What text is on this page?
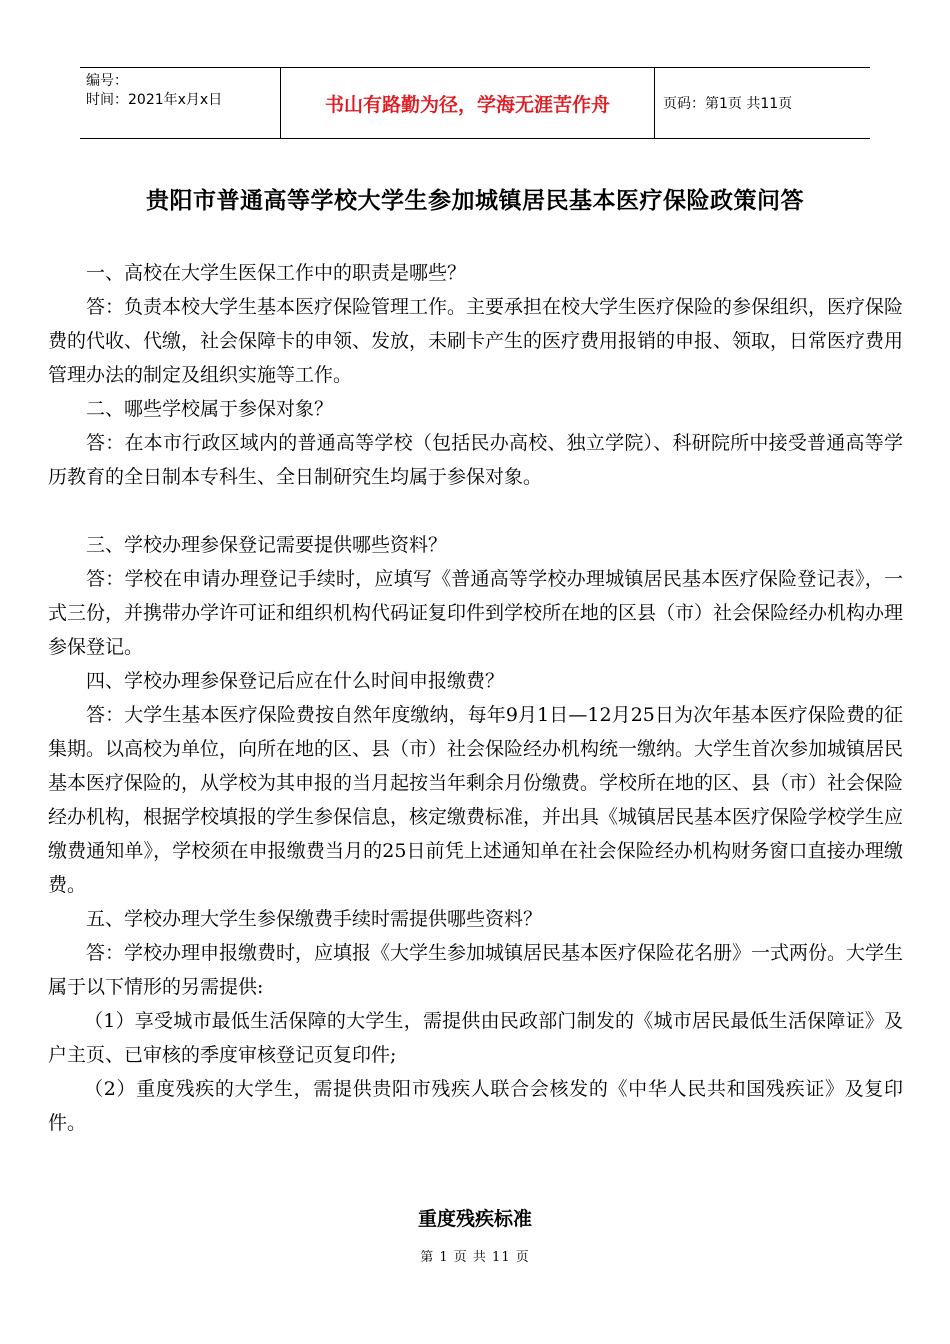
编号：
时间：2021年x月x日	书山有路勤为径，学海无涯苦作舟	页码：第1页 共11页
贵阳市普通高等学校大学生参加城镇居民基本医疗保险政策问答

一、高校在大学生医保工作中的职责是哪些？

答：负责本校大学生基本医疗保险管理工作。主要承担在校大学生医疗保险的参保组织，医疗保险费的代收、代缴，社会保障卡的申领、发放，未刷卡产生的医疗费用报销的申报、领取，日常医疗费用管理办法的制定及组织实施等工作。

二、哪些学校属于参保对象？

答：在本市行政区域内的普通高等学校（包括民办高校、独立学院）、科研院所中接受普通高等学历教育的全日制本专科生、全日制研究生均属于参保对象。

三、学校办理参保登记需要提供哪些资料？

答：学校在申请办理登记手续时，应填写《普通高等学校办理城镇居民基本医疗保险登记表》，一式三份，并携带办学许可证和组织机构代码证复印件到学校所在地的区县（市）社会保险经办机构办理参保登记。

四、学校办理参保登记后应在什么时间申报缴费？

答：大学生基本医疗保险费按自然年度缴纳，每年9月1日—12月25日为次年基本医疗保险费的征集期。以高校为单位，向所在地的区、县（市）社会保险经办机构统一缴纳。大学生首次参加城镇居民基本医疗保险的，从学校为其申报的当月起按当年剩余月份缴费。学校所在地的区、县（市）社会保险经办机构，根据学校填报的学生参保信息，核定缴费标准，并出具《城镇居民基本医疗保险学校学生应缴费通知单》，学校须在申报缴费当月的25日前凭上述通知单在社会保险经办机构财务窗口直接办理缴费。

五、学校办理大学生参保缴费手续时需提供哪些资料？

答：学校办理申报缴费时，应填报《大学生参加城镇居民基本医疗保险花名册》一式两份。大学生属于以下情形的另需提供:

（1）享受城市最低生活保障的大学生，需提供由民政部门制发的《城市居民最低生活保障证》及户主页、已审核的季度审核登记页复印件;

（2）重度残疾的大学生，需提供贵阳市残疾人联合会核发的《中华人民共和国残疾证》及复印件。

重度残疾标准
第 1 页 共 11 页
